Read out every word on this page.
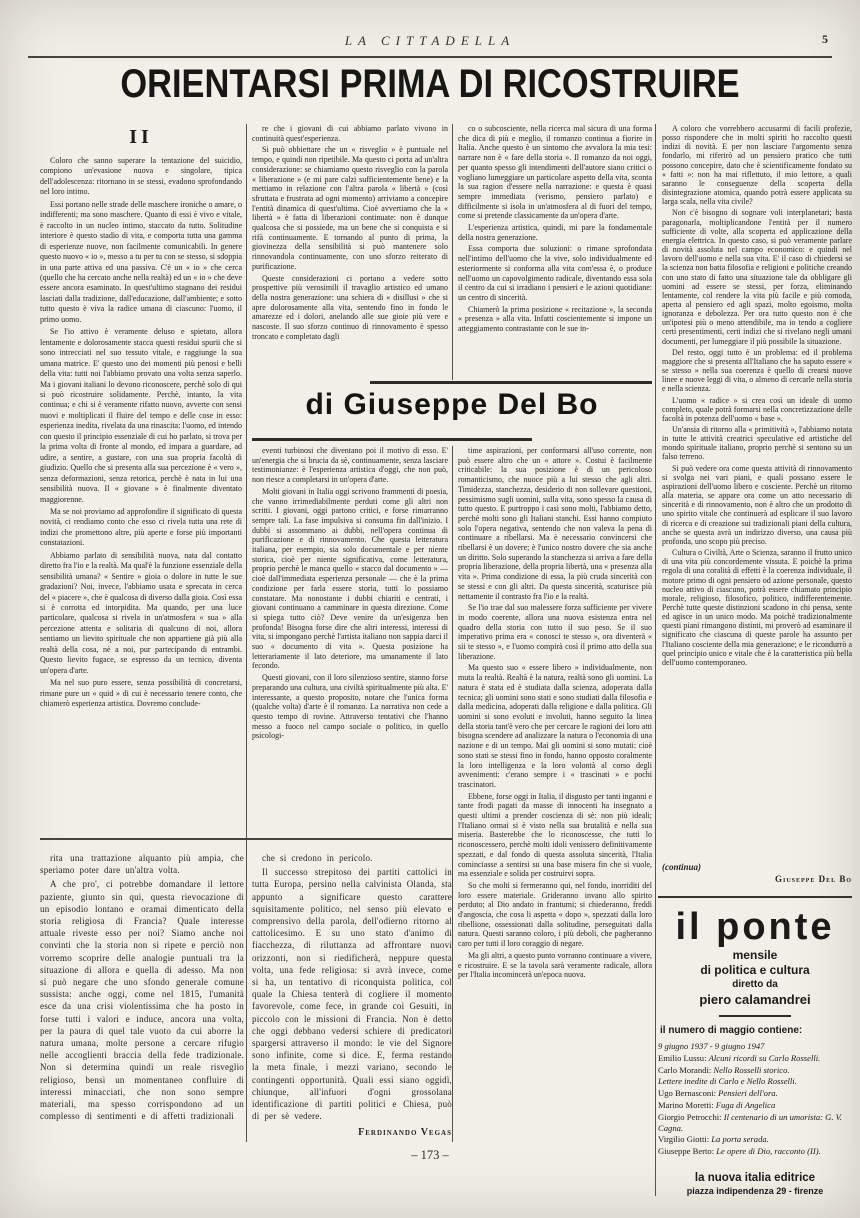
LA CITTADELLA	5
ORIENTARSI PRIMA DI RICOSTRUIRE
II

Coloro che sanno superare la tentazione del suicidio, compiono un'evasione nuova e singolare, tipica dell'adolescenza: ritornano in se stessi, evadono sprofondando nel loro intimo.

Essi portano nelle strade delle maschere ironiche o amare, o indifferenti; ma sono maschere. Quanto di essi è vivo e vitale, è raccolto in un nucleo intimo, staccato da tutto. Solitudine interiore è questo stadio di vita, e comporta tutta una gamma di esperienze nuove, non facilmente comunicabili. In genere questo nuovo « io », messo a tu per tu con se stesso, si sdoppia in una parte attiva ed una passiva. C'è un « io » che cerca (quello che ha cercato anche nella realtà) ed un « io » che deve essere ancora esaminato. In quest'ultimo stagnano dei residui lasciati dalla tradizione, dall'educazione, dall'ambiente; e sotto tutto questo è viva la radice umana di ciascuno: l'uomo, il primo uomo.

Se l'io attivo è veramente deluso e spietato, allora lentamente e dolorosamente stacca questi residui spurii che si sono intrecciati nel suo tessuto vitale, e raggiunge la sua umana matrice. E' questo uno dei momenti più penosi e belli della vita: tutti noi l'abbiamo provato una volta senza saperlo. Ma i giovani italiani lo devono riconoscere, perchè solo di qui si può ricostruire solidamente. Perchè, intanto, la vita continua; e chi si è veramente rifatto nuovo, avverte con sensi nuovi e moltiplicati il fluire del tempo e delle cose in esso: esperienza inedita, rivelata da una rinascita: l'uomo, ed intendo con questo il principio essenziale di cui ho parlato, si trova per la prima volta di fronte al mondo, ed impara a guardare, ad udire, a sentire, a gustare, con una sua propria facoltà di giudizio. Quello che si presenta alla sua percezione è « vero », senza deformazioni, senza retorica, perchè è nata in lui una sensibilità nuova. Il « giovane » è finalmente diventato maggiorenne.

Ma se noi proviamo ad approfondire il significato di questa novità, ci rendiamo conto che esso ci rivela tutta una rete di indizi che promettono altre, più aperte e forse più importanti constatazioni.

Abbiamo parlato di sensibilità nuova, nata dal contatto diretto fra l'io e la realtà. Ma qual'è la funzione essenziale della sensibilità umana? « Sentire » gioia o dolore in tutte le sue gradazioni? Noi, invece, l'abbiamo usata e sprecata in cerca del « piacere », che è qualcosa di diverso dalla gioia. Così essa si è corrotta ed intorpidita. Ma quando, per una luce particolare, qualcosa si rivela in un'atmosfera « sua » alla percezione attenta e solitaria di qualcuno di noi, allora sentiamo un lievito spirituale che non appartiene già più alla realtà della cosa, nè a noi, pur partecipando di entrambi. Questo lievito fugace, se espresso da un tecnico, diventa un'opera d'arte.

Ma nel suo puro essere, senza possibilità di concretarsi, rimane pure un « quid » di cui è necessario tenere conto, che chiamerò esperienza artistica. Dovremo conclude-

re che i giovani di cui abbiamo parlato vivono in continuità quest'esperienza.

Si può obbiettare che un « risveglio » è puntuale nel tempo, e quindi non ripetibile. Ma questo ci porta ad un'altra considerazione: se chiamiamo questo risveglio con la parola « liberazione » (e mi pare calzi sufficientemente bene) e la mettiamo in relazione con l'altra parola « libertà » (così sfruttata e frustrata ad ogni momento) arriviamo a concepire l'entità dinamica di quest'ultima. Cioè avvertiamo che la « libertà » è fatta di liberazioni continuate: non è dunque qualcosa che si possiede, ma un bene che si conquista e si rifà continuamente. E tornando al punto di prima, la giovinezza della sensibilità si può mantenere solo rinnovandola continuamente, con uno sforzo reiterato di purificazione.

Queste considerazioni ci portano a vedere sotto prospettive più verosimili il travaglio artistico ed umano della nostra generazione: una schiera di « disillusi » che si apre dolorosamente alla vita, sentendo fino in fondo le amarezze ed i dolori, anelando alle sue gioie più vere e nascoste. Il suo sforzo continuo di rinnovamento è spesso troncato e completato dagli

di Giuseppe Del Bo

eventi turbinosi che diventano poi il motivo di esso. E' un'energia che si brucia da sè, continuamente, senza lasciare testimonianze: è l'esperienza artistica d'oggi, che non può, non riesce a completarsi in un'opera d'arte.

Molti giovani in Italia oggi scrivono frammenti di poesia, che vanno irrimediabilmente perduti come gli altri non scritti. I giovani, oggi partono critici, e forse rimarranno sempre tali. La fase impulsiva si consuma fin dall'inizio. I dubbi si assommano ai dubbi, nell'opera continua di purificazione e di rinnovamento. Che questa letteratura italiana, per esempio, sia solo documentale e per niente storica, cioè per niente significativa, come letteratura, proprio perchè le manca quello « stacco dal documento » — cioè dall'immediata esperienza personale — che è la prima condizione per farla essere storia, tutti lo possiamo constatare. Ma nonostante i dubbi chiariti e centrati, i giovani continuano a camminare in questa direzione. Come si spiega tutto ciò? Deve venire da un'esigenza ben profonda! Bisogna forse dire che altri interessi, interessi di vita, si impongano perchè l'artista italiano non sappia darci il suo « documento di vita ». Questa posizione ha letterariamente il lato deteriore, ma umanamente il lato fecondo.

Questi giovani, con il loro silenzioso sentire, stanno forse preparando una cultura, una civiltà spiritualmente più alta. E' interessante, a questo proposito, notare che l'unica forma (qualche volta) d'arte è il romanzo. La narrativa non cede a questo tempo di rovine. Attraverso tentativi che l'hanno messo a fuoco nel campo sociale o politico, in quello psicologi-

co o subcosciente, nella ricerca mal sicura di una forma che dica di più e meglio, il romanzo continua a fiorire in Italia. Anche questo è un sintomo che avvalora la mia tesi: narrare non è « fare della storia ». Il romanzo da noi oggi, per quanto spesso gli intendimenti dell'autore siano critici o vogliano lumeggiare un particolare aspetto della vita, sconta la sua ragion d'essere nella narrazione: e questa è quasi sempre immediata (verismo, pensiero parlato) e difficilmente si isola in un'atmosfera al di fuori del tempo, come si pretende classicamente da un'opera d'arte.

L'esperienza artistica, quindi, mi pare la fondamentale della nostra generazione.

Essa comporta due soluzioni: o rimane sprofondata nell'intimo dell'uomo che la vive, solo individualmente ed esteriormente si conforma alla vita com'essa è, o produce nell'uomo un capovolgimento radicale, diventando essa sola il centro da cui si irradiano i pensieri e le azioni quotidiane: un centro di sincerità.

Chiamerò la prima posizione « recitazione », la seconda « presenza » alla vita. Infatti coscientemente si impone un atteggiamento contrastante con le sue in-

time aspirazioni, per conformarsi all'uso corrente, non può essere altro che un « attore ». Costui è facilmente criticabile: la sua posizione è di un pericoloso romanticismo, che nuoce più a lui stesso che agli altri. Timidezza, stanchezza, desiderio di non sollevare questioni, pessimismo sugli uomini, sulla vita, sono spesso la causa di tutto questo. E purtroppo i casi sono molti, l'abbiamo detto, perchè molti sono gli Italiani stanchi. Essi hanno compiuto solo l'opera negativa, sentendo che non valeva la pena di continuare a ribellarsi. Ma è necessario convincersi che ribellarsi è un dovere; è l'unico nostro dovere che sia anche un diritto. Solo superando la stanchezza si arriva a fare della propria liberazione, della propria libertà, una « presenza alla vita ». Prima condizione di essa, la più cruda sincerità con se stessi e con gli altri. Da questa sincerità, scaturisce più nettamente il contrasto fra l'io e la realtà.

Se l'io trae dal suo malessere forza sufficiente per vivere in modo coerente, allora una nuova esistenza entra nel quadro della storia con tutto il suo peso. Se il suo imperativo prima era « conosci te stesso », ora diventerà « sii te stesso », e l'uomo compirà così il primo atto della sua liberazione.

Ma questo suo « essere libero » individualmente, non muta la realtà. Realtà è la natura, realtà sono gli uomini. La natura è stata ed è studiata dalla scienza, adoperata dalla tecnica; gli uomini sono stati e sono studiati dalla filosofia e dalla medicina, adoperati dalla religione e dalla politica. Gli uomini si sono evoluti e involuti, hanno seguito la linea della storia tant'è vero che per cercare le ragioni dei loro atti bisogna scendere ad analizzare la natura o l'economia di una nazione e di un tempo. Mai gli uomini si sono mutati: cioè sono stati se stessi fino in fondo, hanno opposto coralmente la loro intelligenza e la loro volontà al corso degli avvenimenti: c'erano sempre i « trascinati » e pochi trascinatori.

Ebbene, forse oggi in Italia, il disgusto per tanti inganni e tante frodi pagati da masse di innocenti ha insegnato a questi ultimi a prender coscienza di sè: non più ideali; l'Italiano ormai si è visto nella sua brutalità e nella sua miseria. Basterebbe che lo riconoscesse, che tutti lo riconoscessero, perchè molti idoli venissero definitivamente spezzati, e dal fondo di questa assoluta sincerità, l'Italia cominciasse a sentirsi su una base misera fin che si vuole, ma essenziale e solida per costruirvi sopra.

So che molti si fermeranno qui, nel fondo, inorriditi del loro essere materiale. Grideranno invano allo spirito perduto; al Dio andato in frantumi; si chiederanno, freddi d'angoscia, che cosa li aspetta « dopo », spezzati dalla loro ribellione, ossessionati dalla solitudine, perseguitati dalla natura. Questi saranno coloro, i più deboli, che pagheranno caro per tutti il loro coraggio di negare.

Ma gli altri, a questo punto vorranno continuare a vivere, e ricostruire. E se la tavola sarà veramente radicale, allora per l'Italia incomincerà un'epoca nuova.

A coloro che vorrebbero accusarmi di facili profezie, posso rispondere che in molti spiriti ho raccolto questi indizi di novità. E per non lasciare l'argomento senza fondarlo, mi riferirò ad un pensiero pratico che tutti possono concepire, dato che è scientificamente fondato su « fatti »: non ha mai riflettuto, il mio lettore, a quali saranno le conseguenze della scoperta della disintegrazione atomica, quando potrà essere applicata su larga scala, nella vita civile?

Non c'è bisogno di sognare voli interplanetari; basta paragonarla, moltiplicandone l'entità per il numero sufficiente di volte, alla scoperta ed applicazione della energia elettrica. In questo caso, si può veramente parlare di novità assoluta nel campo economico: e quindi nel lavoro dell'uomo e nella sua vita. E' il caso di chiedersi se la scienza non batta filosofia e religioni e politiche creando con uno stato di fatto una situazione tale da obbligare gli uomini ad essere se stessi, per forza, eliminando lentamente, col rendere la vita più facile e più comoda, aperta al pensiero ed agli spazi, molto egoismo, molta ignoranza e debolezza. Per ora tutto questo non è che un'ipotesi più o meno attendibile, ma io tendo a cogliere certi presentimenti, certi indizi che si rivelano negli umani documenti, per lumeggiare il più possibile la situazione.

Del resto, oggi tutto è un problema: ed il problema maggiore che si presenta all'Italiano che ha saputo essere « se stesso » nella sua coerenza è quello di crearsi nuove linee e nuove leggi di vita, o almeno di cercarle nella storia e nella scienza.

L'uomo « radice » si crea così un ideale di uomo completo, quale potrà formarsi nella concretizzazione delle facoltà in potenza dell'uomo « base ».

Un'ansia di ritorno alla « primitività », l'abbiamo notata in tutte le attività creatrici speculative ed artistiche del mondo spirituale italiano, proprio perchè si sentono su un falso terreno.

Si può vedere ora come questa attività di rinnovamento si svolga nei vari piani, e quali possano essere le aspirazioni dell'uomo libero e cosciente. Perchè un ritorno alla materia, se appare ora come un atto necessario di sincerità e di rinnovamento, non è altro che un prodotto di uno spirito vitale che continuerà ad esplicare il suo lavoro di ricerca e di creazione sui tradizionali piani della cultura, anche se questa avrà un indirizzo diverso, una causa più profonda, uno scopo più preciso.

Cultura o Civiltà, Arte o Scienza, saranno il frutto unico di una vita più concordemente vissuta. E poichè la prima regola di una coralità di effetti è la coerenza individuale, il motore primo di ogni pensiero od azione personale, questo nucleo attivo di ciascuno, potrà essere chiamato principio morale, religioso, filosofico, politico, indifferentemente. Perchè tutte queste distinzioni scadono in chi pensa, sente ed agisce in un unico modo. Ma poichè tradizionalmente questi piani rimangono distinti, mi proverò ad esaminare il significato che ciascuna di queste parole ha assunto per l'Italiano cosciente della mia generazione; e le ricondurrò a quel principio unico e vitale che è la caratteristica più bella dell'uomo contemporaneo.

(continua)
Giuseppe Del Bo

rita una trattazione alquanto più ampia, che speriamo poter dare un'altra volta.

A che pro', ci potrebbe domandare il lettore paziente, giunto sin qui, questa rievocazione di un episodio lontano e oramai dimenticato della storia religiosa di Francia? Quale interesse attuale riveste esso per noi? Siamo anche noi convinti che la storia non si ripete e perciò non vorremo scoprire delle analogie puntuali tra la situazione di allora e quella di adesso. Ma non si può negare che uno sfondo generale comune sussista: anche oggi, come nel 1815, l'umanità esce da una crisi violentissima che ha posto in forse tutti i valori e induce, ancora una volta, per la paura di quel tale vuoto da cui aborre la natura umana, molte persone a cercare rifugio nelle accoglienti braccia della fede tradizionale. Non si determina quindi un reale risveglio religioso, bensì un momentaneo confluire di interessi minacciati, che non sono sempre materiali, ma spesso corrispondono ad un complesso di sentimenti e di affetti tradizionali

che si credono in pericolo.

Il successo strepitoso dei partiti cattolici in tutta Europa, persino nella calvinista Olanda, sta appunto a significare questo carattere squisitamente politico, nel senso più elevato e comprensivo della parola, dell'odierno ritorno al cattolicesimo. E su uno stato d'animo di fiacchezza, di riluttanza ad affrontare nuovi orizzonti, non si riedificherà, neppure questa volta, una fede religiosa: si avrà invece, come si ha, un tentativo di riconquista politica, col quale la Chiesa tenterà di cogliere il momento favorevole, come fece, in grande coi Gesuiti, in piccolo con le missioni di Francia. Non è detto che oggi debbano vedersi schiere di predicatori spargersi attraverso il mondo: le vie del Signore sono infinite, come si dice. E, ferma restando la meta finale, i mezzi variano, secondo le contingenti opportunità. Quali essi siano oggidì, chiunque, all'infuori d'ogni grossolana identificazione di partiti politici e Chiesa, può di per sè vedere.

Ferdinando Vegas
il ponte
mensile
di politica e cultura
diretto da
piero calamandrei
il numero di maggio contiene:

9 giugno 1937 - 9 giugno 1947

Emilio Lussu: Alcuni ricordi su Carlo Rosselli.

Carlo Morandi: Nello Rosselli storico.

Lettere inedite di Carlo e Nello Rosselli.

Ugo Bernasconi: Pensieri dell'ora.

Marino Moretti: Fuga di Angelica

Giorgio Petrocchi: Il centenario di un umorista: G. V. Cagna.

Virgilio Giotti: La porta serada.

Giuseppe Berto: Le opere di Dio, racconto (II).

la nuova italia editrice
piazza indipendenza 29 - firenze
– 173 –
